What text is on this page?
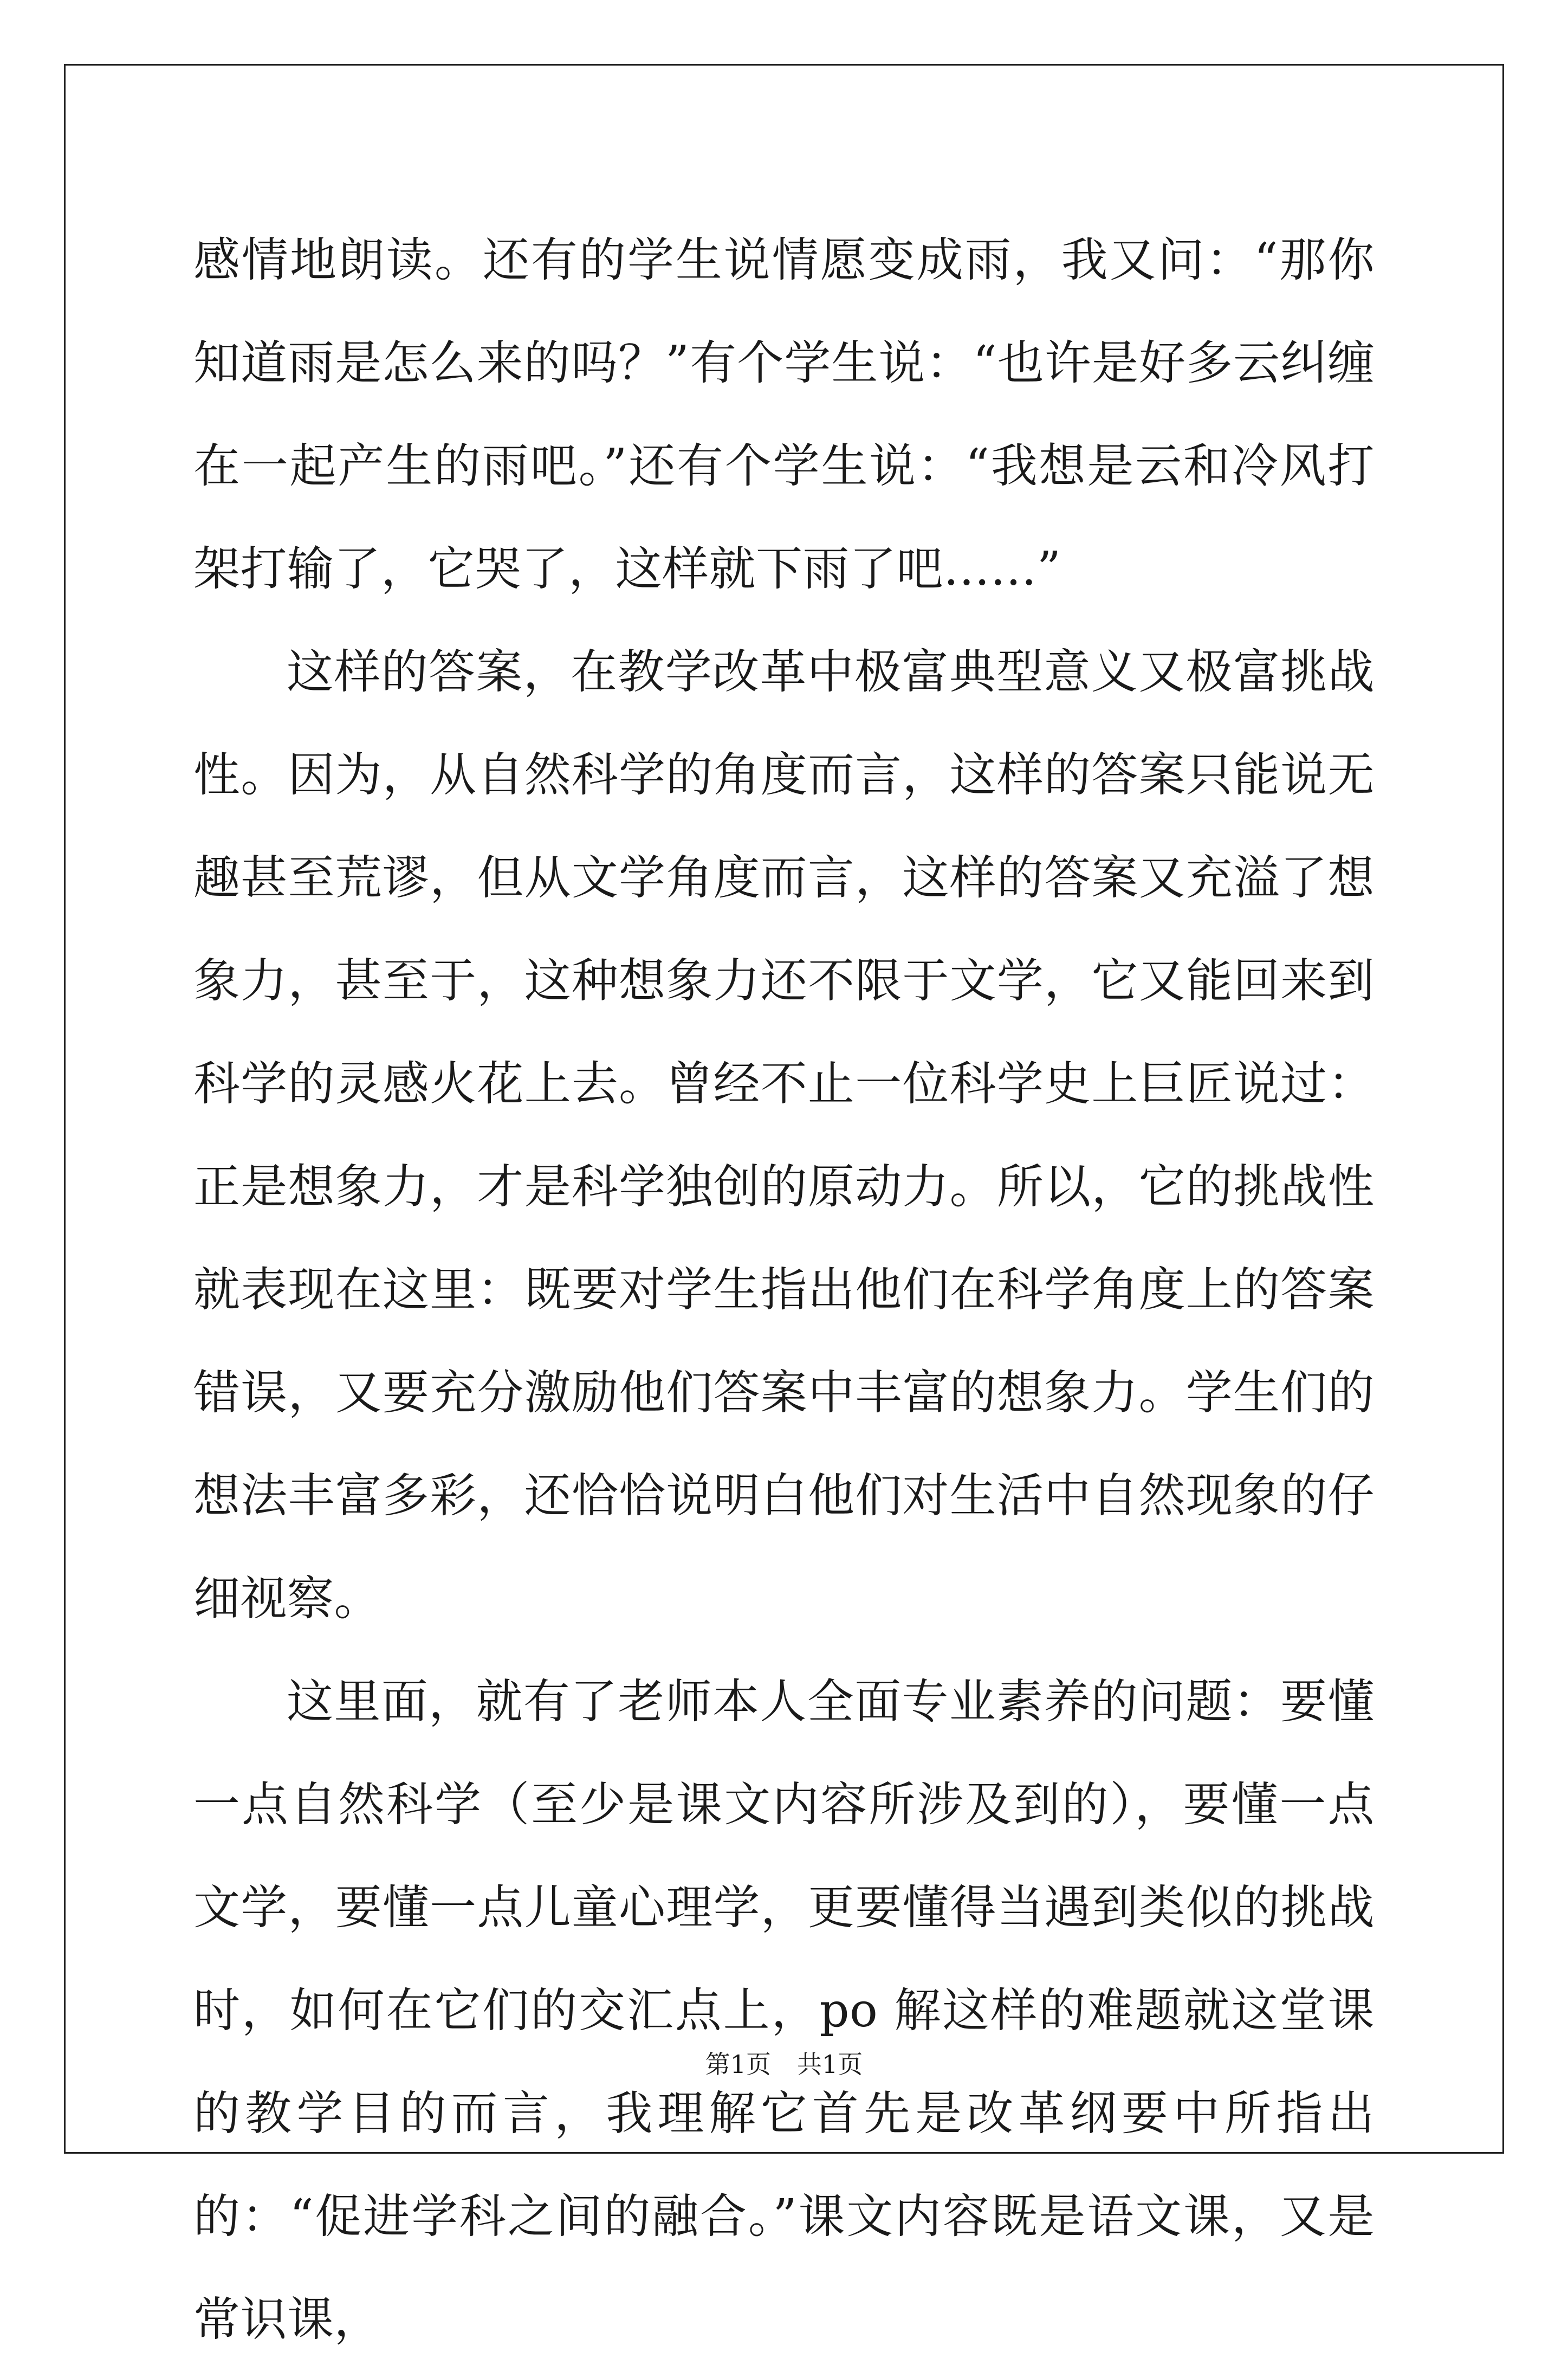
感情地朗读。还有的学生说情愿变成雨，我又问：“那你知道雨是怎么来的吗？”有个学生说：“也许是好多云纠缠在一起产生的雨吧。”还有个学生说：“我想是云和冷风打架打输了，它哭了，这样就下雨了吧……”

这样的答案，在教学改革中极富典型意义又极富挑战性。因为，从自然科学的角度而言，这样的答案只能说无趣甚至荒谬，但从文学角度而言，这样的答案又充溢了想象力，甚至于，这种想象力还不限于文学，它又能回来到科学的灵感火花上去。曾经不止一位科学史上巨匠说过：正是想象力，才是科学独创的原动力。所以，它的挑战性就表现在这里：既要对学生指出他们在科学角度上的答案错误，又要充分激励他们答案中丰富的想象力。学生们的想法丰富多彩，还恰恰说明白他们对生活中自然现象的仔细视察。

这里面，就有了老师本人全面专业素养的问题：要懂一点自然科学（至少是课文内容所涉及到的），要懂一点文学，要懂一点儿童心理学，更要懂得当遇到类似的挑战时，如何在它们的交汇点上，po 解这样的难题就这堂课的教学目的而言，我理解它首先是改革纲要中所指出的：“促进学科之间的融合。”课文内容既是语文课，又是常识课，

第1页 共1页
